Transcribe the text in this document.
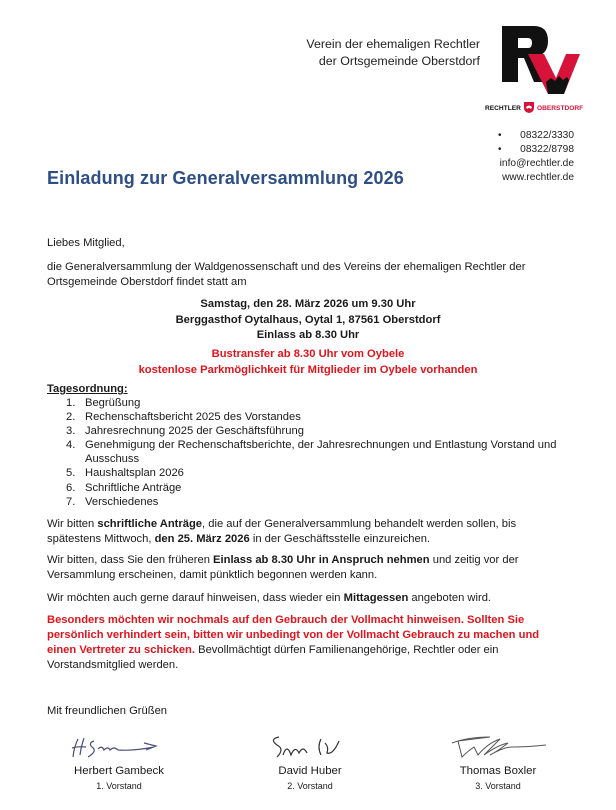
Verein der ehemaligen Rechtler
der Ortsgemeinde Oberstdorf
RECHTLER OBERSTDORF
• 08322/3330
• 08322/8798
info@rechtler.de
www.rechtler.de
Einladung zur Generalversammlung 2026
Liebes Mitglied,
die Generalversammlung der Waldgenossenschaft und des Vereins der ehemaligen Rechtler der Ortsgemeinde Oberstdorf findet statt am
Samstag, den 28. März 2026 um 9.30 Uhr
Berggasthof Oytalhaus, Oytal 1, 87561 Oberstdorf
Einlass ab 8.30 Uhr
Bustransfer ab 8.30 Uhr vom Oybele
kostenlose Parkmöglichkeit für Mitglieder im Oybele vorhanden
Tagesordnung:
1. Begrüßung
2. Rechenschaftsbericht 2025 des Vorstandes
3. Jahresrechnung 2025 der Geschäftsführung
4. Genehmigung der Rechenschaftsberichte, der Jahresrechnungen und Entlastung Vorstand und Ausschuss
5. Haushaltsplan 2026
6. Schriftliche Anträge
7. Verschiedenes
Wir bitten schriftliche Anträge, die auf der Generalversammlung behandelt werden sollen, bis spätestens Mittwoch, den 25. März 2026 in der Geschäftsstelle einzureichen.
Wir bitten, dass Sie den früheren Einlass ab 8.30 Uhr in Anspruch nehmen und zeitig vor der Versammlung erscheinen, damit pünktlich begonnen werden kann.
Wir möchten auch gerne darauf hinweisen, dass wieder ein Mittagessen angeboten wird.
Besonders möchten wir nochmals auf den Gebrauch der Vollmacht hinweisen. Sollten Sie persönlich verhindert sein, bitten wir unbedingt von der Vollmacht Gebrauch zu machen und einen Vertreter zu schicken. Bevollmächtigt dürfen Familienangehörige, Rechtler oder ein Vorstandsmitglied werden.
Mit freundlichen Grüßen
Herbert Gambeck
1. Vorstand
David Huber
2. Vorstand
Thomas Boxler
3. Vorstand
